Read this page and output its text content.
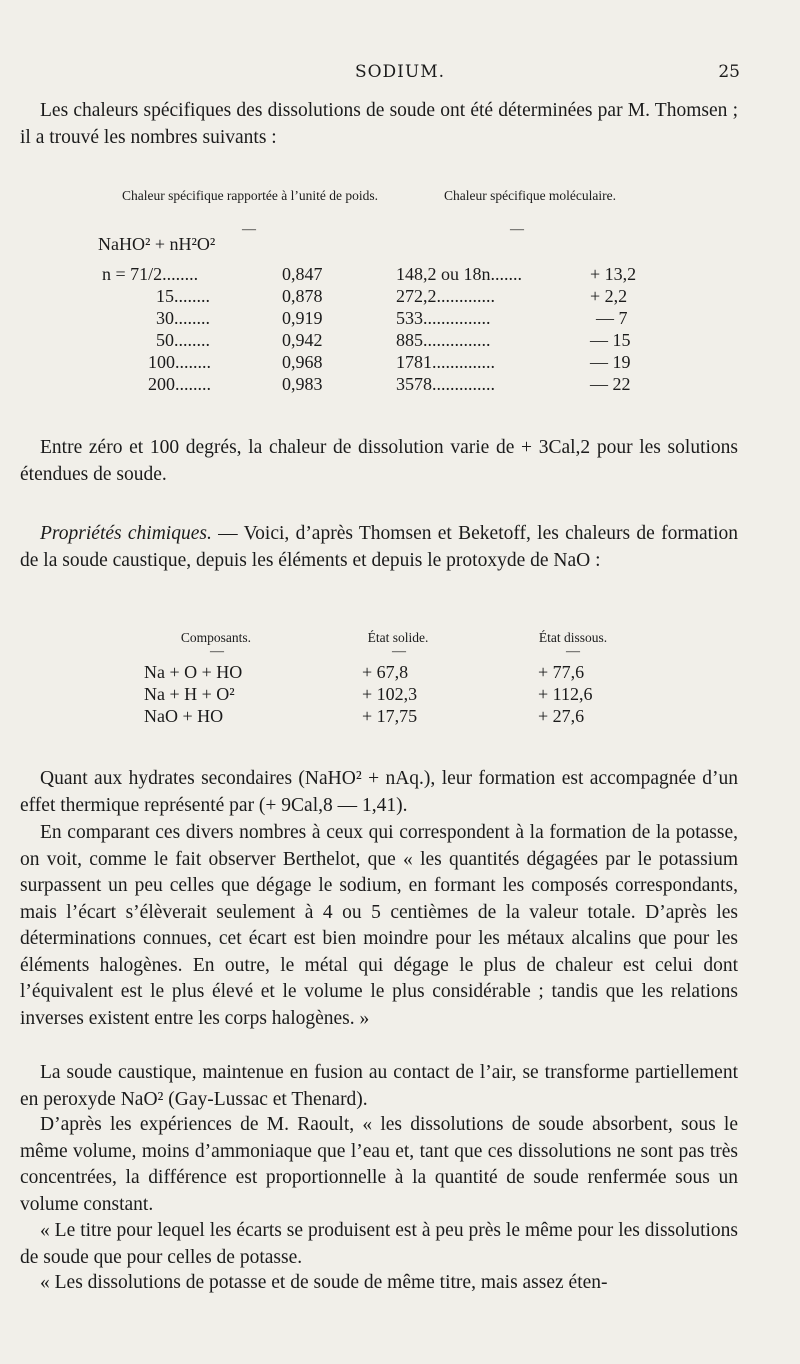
SODIUM.	25
Les chaleurs spécifiques des dissolutions de soude ont été déterminées par M. Thomsen ; il a trouvé les nombres suivants :
Chaleur spécifique rapportée à l’unité de poids.	Chaleur spécifique moléculaire.
—	—
NaHO² + nH²O²
n = 71/2........	0,847	148,2 ou 18n.......	+ 13,2
15........	0,878	272,2.............	+ 2,2
30........	0,919	533...............	— 7
50........	0,942	885...............	— 15
100........	0,968	1781..............	— 19
200........	0,983	3578..............	— 22
Entre zéro et 100 degrés, la chaleur de dissolution varie de + 3Cal,2 pour les solutions étendues de soude.
Propriétés chimiques. — Voici, d’après Thomsen et Beketoff, les chaleurs de formation de la soude caustique, depuis les éléments et depuis le protoxyde de NaO :
Composants.	État solide.	État dissous.
—	—	—
Na + O + HO	+ 67,8	+ 77,6
Na + H + O²	+ 102,3	+ 112,6
NaO + HO	+ 17,75	+ 27,6
Quant aux hydrates secondaires (NaHO² + nAq.), leur formation est accompagnée d’un effet thermique représenté par (+ 9Cal,8 — 1,41).
En comparant ces divers nombres à ceux qui correspondent à la formation de la potasse, on voit, comme le fait observer Berthelot, que « les quantités dégagées par le potassium surpassent un peu celles que dégage le sodium, en formant les composés correspondants, mais l’écart s’élèverait seulement à 4 ou 5 centièmes de la valeur totale. D’après les déterminations connues, cet écart est bien moindre pour les métaux alcalins que pour les éléments halogènes. En outre, le métal qui dégage le plus de chaleur est celui dont l’équivalent est le plus élevé et le volume le plus considérable ; tandis que les relations inverses existent entre les corps halogènes. »
La soude caustique, maintenue en fusion au contact de l’air, se transforme partiellement en peroxyde NaO² (Gay-Lussac et Thenard).
D’après les expériences de M. Raoult, « les dissolutions de soude absorbent, sous le même volume, moins d’ammoniaque que l’eau et, tant que ces dissolutions ne sont pas très concentrées, la différence est proportionnelle à la quantité de soude renfermée sous un volume constant.
« Le titre pour lequel les écarts se produisent est à peu près le même pour les dissolutions de soude que pour celles de potasse.
« Les dissolutions de potasse et de soude de même titre, mais assez éten-
